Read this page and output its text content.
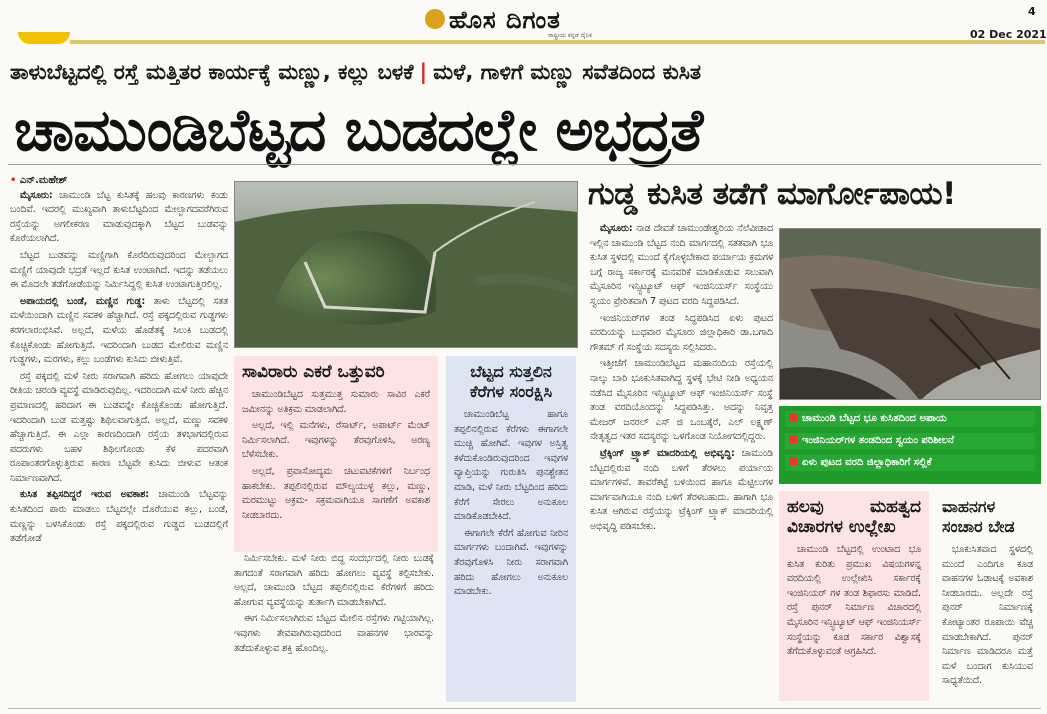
ಹೊಸ ದಿಗಂತ
ರಾಷ್ಟ್ರೀಯ ಕನ್ನಡ ದೈನಿಕ
4
02 Dec 2021
ತಾಳುಬೆಟ್ಟದಲ್ಲಿ ರಸ್ತೆ ಮತ್ತಿತರ ಕಾರ್ಯಕ್ಕೆ ಮಣ್ಣು, ಕಲ್ಲು ಬಳಕೆ | ಮಳೆ, ಗಾಳಿಗೆ ಮಣ್ಣು ಸವೆತದಿಂದ ಕುಸಿತ
ಚಾಮುಂಡಿಬೆಟ್ಟದ ಬುಡದಲ್ಲೇ ಅಭದ್ರತೆ
• ಎನ್.ಮಹೇಶ್

ಮೈಸೂರು: ಚಾಮುಂಡಿ ಬೆಟ್ಟ ಕುಸಿತಕ್ಕೆ ಹಲವು ಕಾರಣಗಳು ಕಂಡು ಬಂದಿವೆ. ಇದರಲ್ಲಿ ಮುಖ್ಯವಾಗಿ ತಾಳುಬೆಟ್ಟದಿಂದ ಮೇಲ್ಭಾಗದವರೆಗಿರುವ ರಸ್ತೆಯನ್ನು ಅಗಲೀಕರಣ ಮಾಡುವುದಕ್ಕಾಗಿ ಬೆಟ್ಟದ ಬುಡವನ್ನು ಕೊರೆಯಲಾಗಿದೆ.

ಬೆಟ್ಟದ ಬುಡವನ್ನು ಮಣ್ಣಿಗಾಗಿ ಕೊರೆದಿರುವುದರಿಂದ ಮೇಲ್ಭಾಗದ ಮಣ್ಣಿಗೆ ಯಾವುದೇ ಭದ್ರತೆ ಇಲ್ಲದೆ ಕುಸಿತ ಉಂಟಾಗಿದೆ. ಇದನ್ನು ತಡೆಯಲು ಈ ಮೊದಲೇ ತಡೆಗೋಡೆಯನ್ನು ನಿರ್ಮಿಸಿದ್ದಲ್ಲಿ ಕುಸಿತ ಉಂಟಾಗುತ್ತಿರಲಿಲ್ಲ.

ಅಪಾಯದಲ್ಲಿ ಬಂಡೆ, ಮಣ್ಣಿನ ಗುಡ್ಡ: ತಾಳು ಬೆಟ್ಟದಲ್ಲಿ ಸತತ ಮಳೆಯಿಂದಾಗಿ ಮಣ್ಣಿನ ಸವಕಳಿ ಹೆಚ್ಚಾಗಿದೆ. ರಸ್ತೆ ಪಕ್ಕದಲ್ಲಿರುವ ಗುಡ್ಡಗಳು ಕರಗಲಾರಂಭಿಸಿವೆ. ಅಲ್ಲದೆ, ಮಳೆಯ ಹೊಡೆತಕ್ಕೆ ಸಿಲುಕಿ ಬುಡದಲ್ಲಿ ಕೊಚ್ಚಿಕೊಂಡು ಹೋಗುತ್ತಿದೆ. ಇದರಿಂದಾಗಿ ಬುಡದ ಮೇಲಿರುವ ಮಣ್ಣಿನ ಗುಡ್ಡಗಳು, ಮರಗಳು, ಕಲ್ಲು ಬಂಡೆಗಳು ಕುಸಿದು ಬೀಳುತ್ತಿವೆ.

ರಸ್ತೆ ಪಕ್ಕದಲ್ಲಿ ಮಳೆ ನೀರು ಸರಾಗವಾಗಿ ಹರಿದು ಹೋಗಲು ಯಾವುದೇ ರೀತಿಯ ಚರಂಡಿ ವ್ಯವಸ್ಥೆ ಮಾಡಿರುವುದಿಲ್ಲ. ಇದರಿಂದಾಗಿ ಮಳೆ ನೀರು ಹೆಚ್ಚಿನ ಪ್ರಮಾಣದಲ್ಲಿ ಹರಿದಾಗ ಈ ಬುಡವನ್ನೇ ಕೊಚ್ಚಿಕೊಂಡು ಹೋಗುತ್ತಿದೆ. ಇದರಿಂದಾಗಿ ಬುಡ ಮತ್ತಷ್ಟು ಶಿಥಿಲವಾಗುತ್ತಿದೆ. ಅಲ್ಲದೆ, ಮಣ್ಣು ಸವಕಳಿ ಹೆಚ್ಚಾಗುತ್ತಿದೆ. ಈ ಎಲ್ಲಾ ಕಾರಣದಿಂದಾಗಿ ರಸ್ತೆಯ ತಳಭಾಗದಲ್ಲಿರುವ ಪದರುಗಳು ಬಹಳ ಶಿಥಿಲಗೊಂಡು ಕೆಳ ಪದರವಾಗಿ ರೂಪಾಂತರಗೊಳ್ಳುತ್ತಿರುವ ಕಾರಣ ಬೆಟ್ಟವೇ ಕುಸಿದು ಬೀಳುವ ಆತಂಕ ನಿರ್ಮಾಣವಾಗಿದೆ.

ಕುಸಿತ ತಪ್ಪಿಸದಿದ್ದರೆ ಇರುವ ಅವಕಾಶ: ಚಾಮುಂಡಿ ಬೆಟ್ಟವನ್ನು ಕುಸಿತದಿಂದ ಪಾರು ಮಾಡಲು ಬೆಟ್ಟದಲ್ಲೇ ದೊರೆಯುವ ಕಲ್ಲು, ಬಂಡೆ, ಮಣ್ಣನ್ನು ಬಳಸಿಕೊಂಡು ರಸ್ತೆ ಪಕ್ಕದಲ್ಲಿರುವ ಗುಡ್ಡದ ಬುಡದಲ್ಲಿಗೆ ತಡೆಗೋಡೆ

ಸಾವಿರಾರು ಎಕರೆ ಒತ್ತುವರಿ

ಚಾಮುಂಡಿಬೆಟ್ಟದ ಸುತ್ತಮುತ್ತ ಸುಮಾರು ಸಾವಿರ ಎಕರೆ ಜಮೀನನ್ನು ಅತಿಕ್ರಮ ಮಾಡಲಾಗಿದೆ.

ಅಲ್ಲದೆ, ಇಲ್ಲಿ ಮನೆಗಳು, ರೆಸಾರ್ಟ್, ಅಪಾರ್ಟ್ ಮೆಂಟ್ ನಿರ್ಮಿಸಲಾಗಿದೆ. ಇವುಗಳನ್ನು ತೆರವುಗೊಳಿಸಿ, ಅರಣ್ಯ ಬೆಳೆಸಬೇಕು.

ಅಲ್ಲದೆ, ಪ್ರವಾಸೋದ್ಯಮ ಚಟುವಟಿಕೆಗಳಿಗೆ ನಿರ್ಬಂಧ ಹಾಕಬೇಕು. ತಪ್ಪಲಿನಲ್ಲಿರುವ ಮೌಲ್ಯಯುಳ್ಳ ಕಲ್ಲು, ಮಣ್ಣು, ಮರಮುಟ್ಟು ಅಕ್ರಮ- ಸಕ್ರಮವಾಗಿಯೂ ಸಾಗಣೆಗೆ ಅವಕಾಶ ನೀಡಬಾರದು.

ಬೆಟ್ಟದ ಸುತ್ತಲಿನ ಕೆರೆಗಳ ಸಂರಕ್ಷಿಸಿ

ಚಾಮುಂಡಿಬೆಟ್ಟ ಹಾಗೂ ತಪ್ಪಲಿನಲ್ಲಿರುವ ಕೆರೆಗಳು ಈಗಾಗಲೇ ಮುಚ್ಚಿ ಹೋಗಿವೆ. ಇವುಗಳ ಅಸ್ತಿತ್ವ ಕಳೆದುಕೊಂಡಿರುವುದರಿಂದ ಇವುಗಳ ವ್ಯಾಪ್ತಿಯನ್ನು ಗುರುತಿಸಿ ಪುನಶ್ಚೇತನ ಮಾಡಿ, ಮಳೆ ನೀರು ಬೆಟ್ಟದಿಂದ ಹರಿದು ಕೆರೆಗೆ ಸೇರಲು ಅನುಕೂಲ ಮಾಡಿಕೊಡಬೇಕಿದೆ.

ಈಗಾಗಲೇ ಕೆರೆಗೆ ಹೋಗುವ ನೀರಿನ ಮಾರ್ಗಗಳು ಬಂದಾಗಿವೆ. ಇವುಗಳನ್ನು ತೆರವುಗೊಳಿಸಿ ನೀರು ಸರಾಗವಾಗಿ ಹರಿದು ಹೋಗಲು ಅನುಕೂಲ ಮಾಡಬೇಕು.

ನಿರ್ಮಿಸಬೇಕು. ಮಳೆ ನೀರು ಬಿದ್ದ ಸಂದರ್ಭದಲ್ಲಿ ನೀರು ಬುಡಕ್ಕೆ ತಾಗದಂತೆ ಸರಾಗವಾಗಿ ಹರಿದು ಹೋಗಲು ವ್ಯವಸ್ಥೆ ಕಲ್ಪಿಸಬೇಕು. ಅಲ್ಲದೆ, ಚಾಮುಂಡಿ ಬೆಟ್ಟದ ತಪ್ಪಲಿನಲ್ಲಿರುವ ಕೆರೆಗಳಿಗೆ ಹರಿದು ಹೋಗುವ ವ್ಯವಸ್ಥೆಯನ್ನು ತುರ್ತಾಗಿ ಮಾಡಬೇಕಾಗಿದೆ.

ಈಗ ನಿರ್ಮಿಸಲಾಗಿರುವ ಬೆಟ್ಟದ ಮೇಲಿನ ರಸ್ತೆಗಳು ಗಟ್ಟಿಯಾಗಿಲ್ಲ. ಇವುಗಳು ತೇವವಾಗಿರುವುದರಿಂದ ವಾಹನಗಳ ಭಾರವನ್ನು ತಡೆದುಕೊಳ್ಳುವ ಶಕ್ತಿ ಹೊಂದಿಲ್ಲ.

ಗುಡ್ಡ ಕುಸಿತ ತಡೆಗೆ ಮಾರ್ಗೋಪಾಯ!

ಮೈಸೂರು: ನಾಡ ದೇವತೆ ಚಾಮುಂಡೇಶ್ವರಿಯ ನೆಲೆವೀಡಾದ ಇಲ್ಲಿನ ಚಾಮುಂಡಿ ಬೆಟ್ಟದ ನಂದಿ ಮಾರ್ಗದಲ್ಲಿ ಸತತವಾಗಿ ಭೂ ಕುಸಿತ ಸ್ಥಳದಲ್ಲಿ ಮುಂದೆ ಕೈಗೊಳ್ಳಬೇಕಾದ ಪರ್ಯಾಯ ಕ್ರಮಗಳ ಬಗ್ಗೆ ರಾಜ್ಯ ಸರ್ಕಾರಕ್ಕೆ ಮನವರಿಕೆ ಮಾಡಿಕೊಡುವ ಸಲುವಾಗಿ ಮೈಸೂರಿನ ಇನ್ಸ್ಟಿಟ್ಯೂಟ್ ಆಫ್ ಇಂಜಿನಿಯರ್ಸ್ ಸಂಸ್ಥೆಯು ಸ್ವಯಂ ಪ್ರೇರಿತವಾಗಿ 7 ಪುಟದ ವರದಿ ಸಿದ್ದಪಡಿಸಿದೆ.

ಇಂಜಿನಿಯರ್‌ಗಳ ತಂಡ ಸಿದ್ದಪಡಿಸಿದ ಏಳು ಪುಟದ ವರದಿಯನ್ನು ಬುಧವಾರ ಮೈಸೂರು ಜಿಲ್ಲಾಧಿಕಾರಿ ಡಾ.ಬಗಾದಿ ಗೌತಮ್ ಗೆ ಸಂಸ್ಥೆಯ ಸದಸ್ಯರು ಸಲ್ಲಿಸಿದರು.

ಇತ್ತೀಚೆಗೆ ಚಾಮುಂಡಿಬೆಟ್ಟದ ಮಹಾನಂದಿಯ ರಸ್ತೆಯಲ್ಲಿ ನಾಲ್ಕು ಬಾರಿ ಭೂಕುಸಿತವಾಗಿದ್ದ ಸ್ಥಳಕ್ಕೆ ಭೇಟಿ ನೀಡಿ ಅಧ್ಯಯನ ನಡೆಸಿದ ಮೈಸೂರಿನ ಇನ್ಸ್ಟಿಟ್ಯೂಟ್ ಆಫ್ ಇಂಜಿನಿಯರ್ಸ್ ಸಂಸ್ಥೆ ತಂಡ ವರದಿಯೊಂದನ್ನು ಸಿದ್ದಪಡಿಸಿತ್ತು. ಅದನ್ನು ನಿವೃತ್ತ ಮೇಜರ್ ಜನರಲ್ ಎಸ್ ಜಿ ಒಂಬತ್ಕೆರೆ, ಎಲ್ ಲಕ್ಷ್ಮಣ್ ನೇತೃತ್ವದ ಇತರ ಸದಸ್ಯರನ್ನು ಒಳಗೊಂಡ ನಿಯೋಗದಲ್ಲಿದ್ದರು.

ಟ್ರೆಕ್ಕಿಂಗ್ ಟ್ರ್ಯಾಕ್ ಮಾದರಿಯಲ್ಲಿ ಅಭಿವೃದ್ಧಿ: ಚಾಮುಂಡಿ ಬೆಟ್ಟದಲ್ಲಿರುವ ನಂದಿ ಬಳಿಗೆ ತೆರಳಲು ಪರ್ಯಾಯ ಮಾರ್ಗಗಳಿವೆ. ತಾವರೆಕಟ್ಟೆ ಬಳಿಯಿಂದ ಹಾಗೂ ಮೆಟ್ಟಿಲುಗಳ ಮಾರ್ಗವಾಗಿಯೂ ನಂದಿ ಬಳಿಗೆ ತೆರಳಬಹುದು. ಹಾಗಾಗಿ ಭೂ ಕುಸಿತ ಆಗಿರುವ ರಸ್ತೆಯನ್ನು ಟ್ರೆಕ್ಕಿಂಗ್ ಟ್ರ್ಯಾಕ್ ಮಾದರಿಯಲ್ಲಿ ಅಭಿವೃದ್ಧಿ ಪಡಿಸಬೇಕು.

ಚಾಮುಂಡಿ ಬೆಟ್ಟದ ಭೂ ಕುಸಿತದಿಂದ ಅಪಾಯ
ಇಂಜಿನಿಯರ್‌ಗಳ ತಂಡದಿಂದ ಸ್ವಯಂ ಪರಿಶೀಲನೆ
ಏಳು ಪುಟದ ವರದಿ ಜಿಲ್ಲಾಧಿಕಾರಿಗೆ ಸಲ್ಲಿಕೆ
ಹಲವು ಮಹತ್ವದ ವಿಚಾರಗಳ ಉಲ್ಲೇಖ

ಚಾಮುಂಡಿ ಬೆಟ್ಟದಲ್ಲಿ ಉಂಟಾದ ಭೂ ಕುಸಿತ ಕುರಿತು ಪ್ರಮುಖ ವಿಷಯಗಳನ್ನ ವರದಿಯಲ್ಲಿ ಉಲ್ಲೇಖಿಸಿ ಸರ್ಕಾರಕ್ಕೆ ಇಂಜಿನಿಯರ್ ಗಳ ತಂಡ ಶಿಫಾರಸು ಮಾಡಿದೆ. ರಸ್ತೆ ಪುನರ್ ನಿರ್ಮಾಣ ವಿಚಾರದಲ್ಲಿ ಮೈಸೂರಿನ ಇನ್ಸ್ಟಿಟ್ಯೂಟ್ ಆಫ್ ಇಂಜಿನಿಯರ್ಸ್ ಸಂಸ್ಥೆಯನ್ನು ಕೂಡ ಸರ್ಕಾರ ವಿಶ್ವಾಸಕ್ಕೆ ತೆಗೆದುಕೊಳ್ಳುವಂತೆ ಆಗ್ರಹಿಸಿದೆ.

ವಾಹನಗಳ ಸಂಚಾರ ಬೇಡ

ಭೂಕುಸಿತವಾದ ಸ್ಥಳದಲ್ಲಿ ಮುಂದೆ ಎಂದಿಗೂ ಕೂಡ ವಾಹನಗಳ ಓಡಾಟಕ್ಕೆ ಅವಕಾಶ ನೀಡಬಾರದು. ಅಲ್ಲದೇ ರಸ್ತೆ ಪುನರ್ ನಿರ್ಮಾಣಕ್ಕೆ ಕೋಟ್ಯಾಂತರ ರೂಪಾಯಿ ವೆಚ್ಚ ಮಾಡಬೇಕಾಗಿದೆ. ಪುನರ್ ನಿರ್ಮಾಣ ಮಾಡಿದರೂ ಮತ್ತೆ ಮಳೆ ಬಂದಾಗ ಕುಸಿಯುವ ಸಾಧ್ಯತೆಯಿದೆ.
